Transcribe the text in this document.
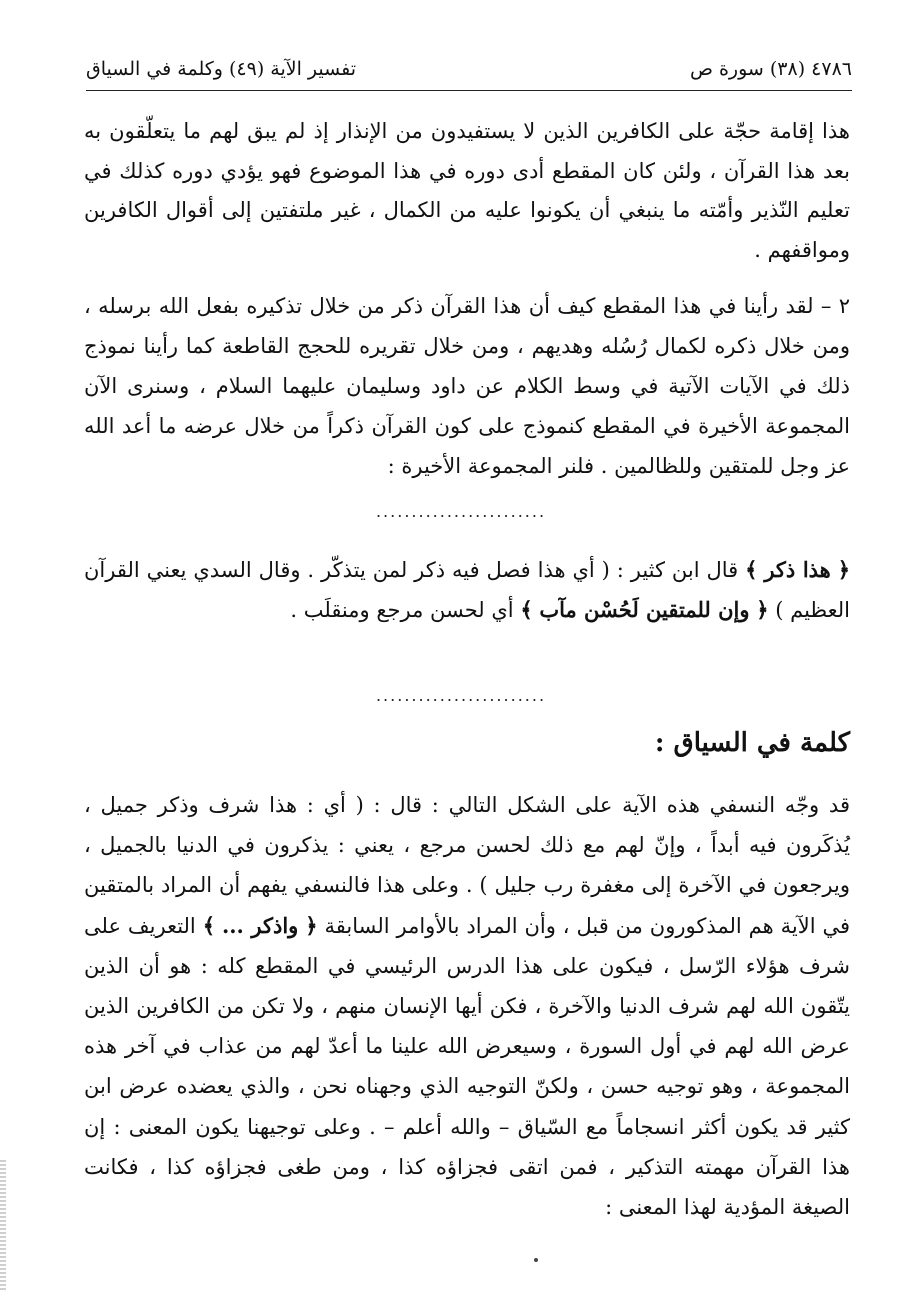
٤٧٨٦ (٣٨) سورة ص
تفسير الآية (٤٩) وكلمة في السياق
هذا إقامة حجّة على الكافرين الذين لا يستفيدون من الإنذار إذ لم يبق لهم ما يتعلّقون به بعد هذا القرآن ، ولئن كان المقطع أدى دوره في هذا الموضوع فهو يؤدي دوره كذلك في تعليم النّذير وأمّته ما ينبغي أن يكونوا عليه من الكمال ، غير ملتفتين إلى أقوال الكافرين ومواقفهم .
٢ – لقد رأينا في هذا المقطع كيف أن هذا القرآن ذكر من خلال تذكيره بفعل الله برسله ، ومن خلال ذكره لكمال رُسُله وهديهم ، ومن خلال تقريره للحجج القاطعة كما رأينا نموذج ذلك في الآيات الآتية في وسط الكلام عن داود وسليمان عليهما السلام ، وسنرى الآن المجموعة الأخيرة في المقطع كنموذج على كون القرآن ذكراً من خلال عرضه ما أعد الله عز وجل للمتقين وللظالمين . فلنر المجموعة الأخيرة :
........................
﴿ هذا ذكر ﴾ قال ابن كثير : ( أي هذا فصل فيه ذكر لمن يتذكّر . وقال السدي يعني القرآن العظيم ) ﴿ وإن للمتقين لَحُسْن مآب ﴾ أي لحسن مرجع ومنقلَب .
........................
كلمة في السياق :
قد وجّه النسفي هذه الآية على الشكل التالي : قال : ( أي : هذا شرف وذكر جميل ، يُذكَرون فيه أبداً ، وإنّ لهم مع ذلك لحسن مرجع ، يعني : يذكرون في الدنيا بالجميل ، ويرجعون في الآخرة إلى مغفرة رب جليل ) . وعلى هذا فالنسفي يفهم أن المراد بالمتقين في الآية هم المذكورون من قبل ، وأن المراد بالأوامر السابقة ﴿ واذكر ... ﴾ التعريف على شرف هؤلاء الرّسل ، فيكون على هذا الدرس الرئيسي في المقطع كله : هو أن الذين يتّقون الله لهم شرف الدنيا والآخرة ، فكن أيها الإنسان منهم ، ولا تكن من الكافرين الذين عرض الله لهم في أول السورة ، وسيعرض الله علينا ما أعدّ لهم من عذاب في آخر هذه المجموعة ، وهو توجيه حسن ، ولكنّ التوجيه الذي وجهناه نحن ، والذي يعضده عرض ابن كثير قد يكون أكثر انسجاماً مع السّياق – والله أعلم – . وعلى توجيهنا يكون المعنى : إن هذا القرآن مهمته التذكير ، فمن اتقى فجزاؤه كذا ، ومن طغى فجزاؤه كذا ، فكانت الصيغة المؤدية لهذا المعنى :
